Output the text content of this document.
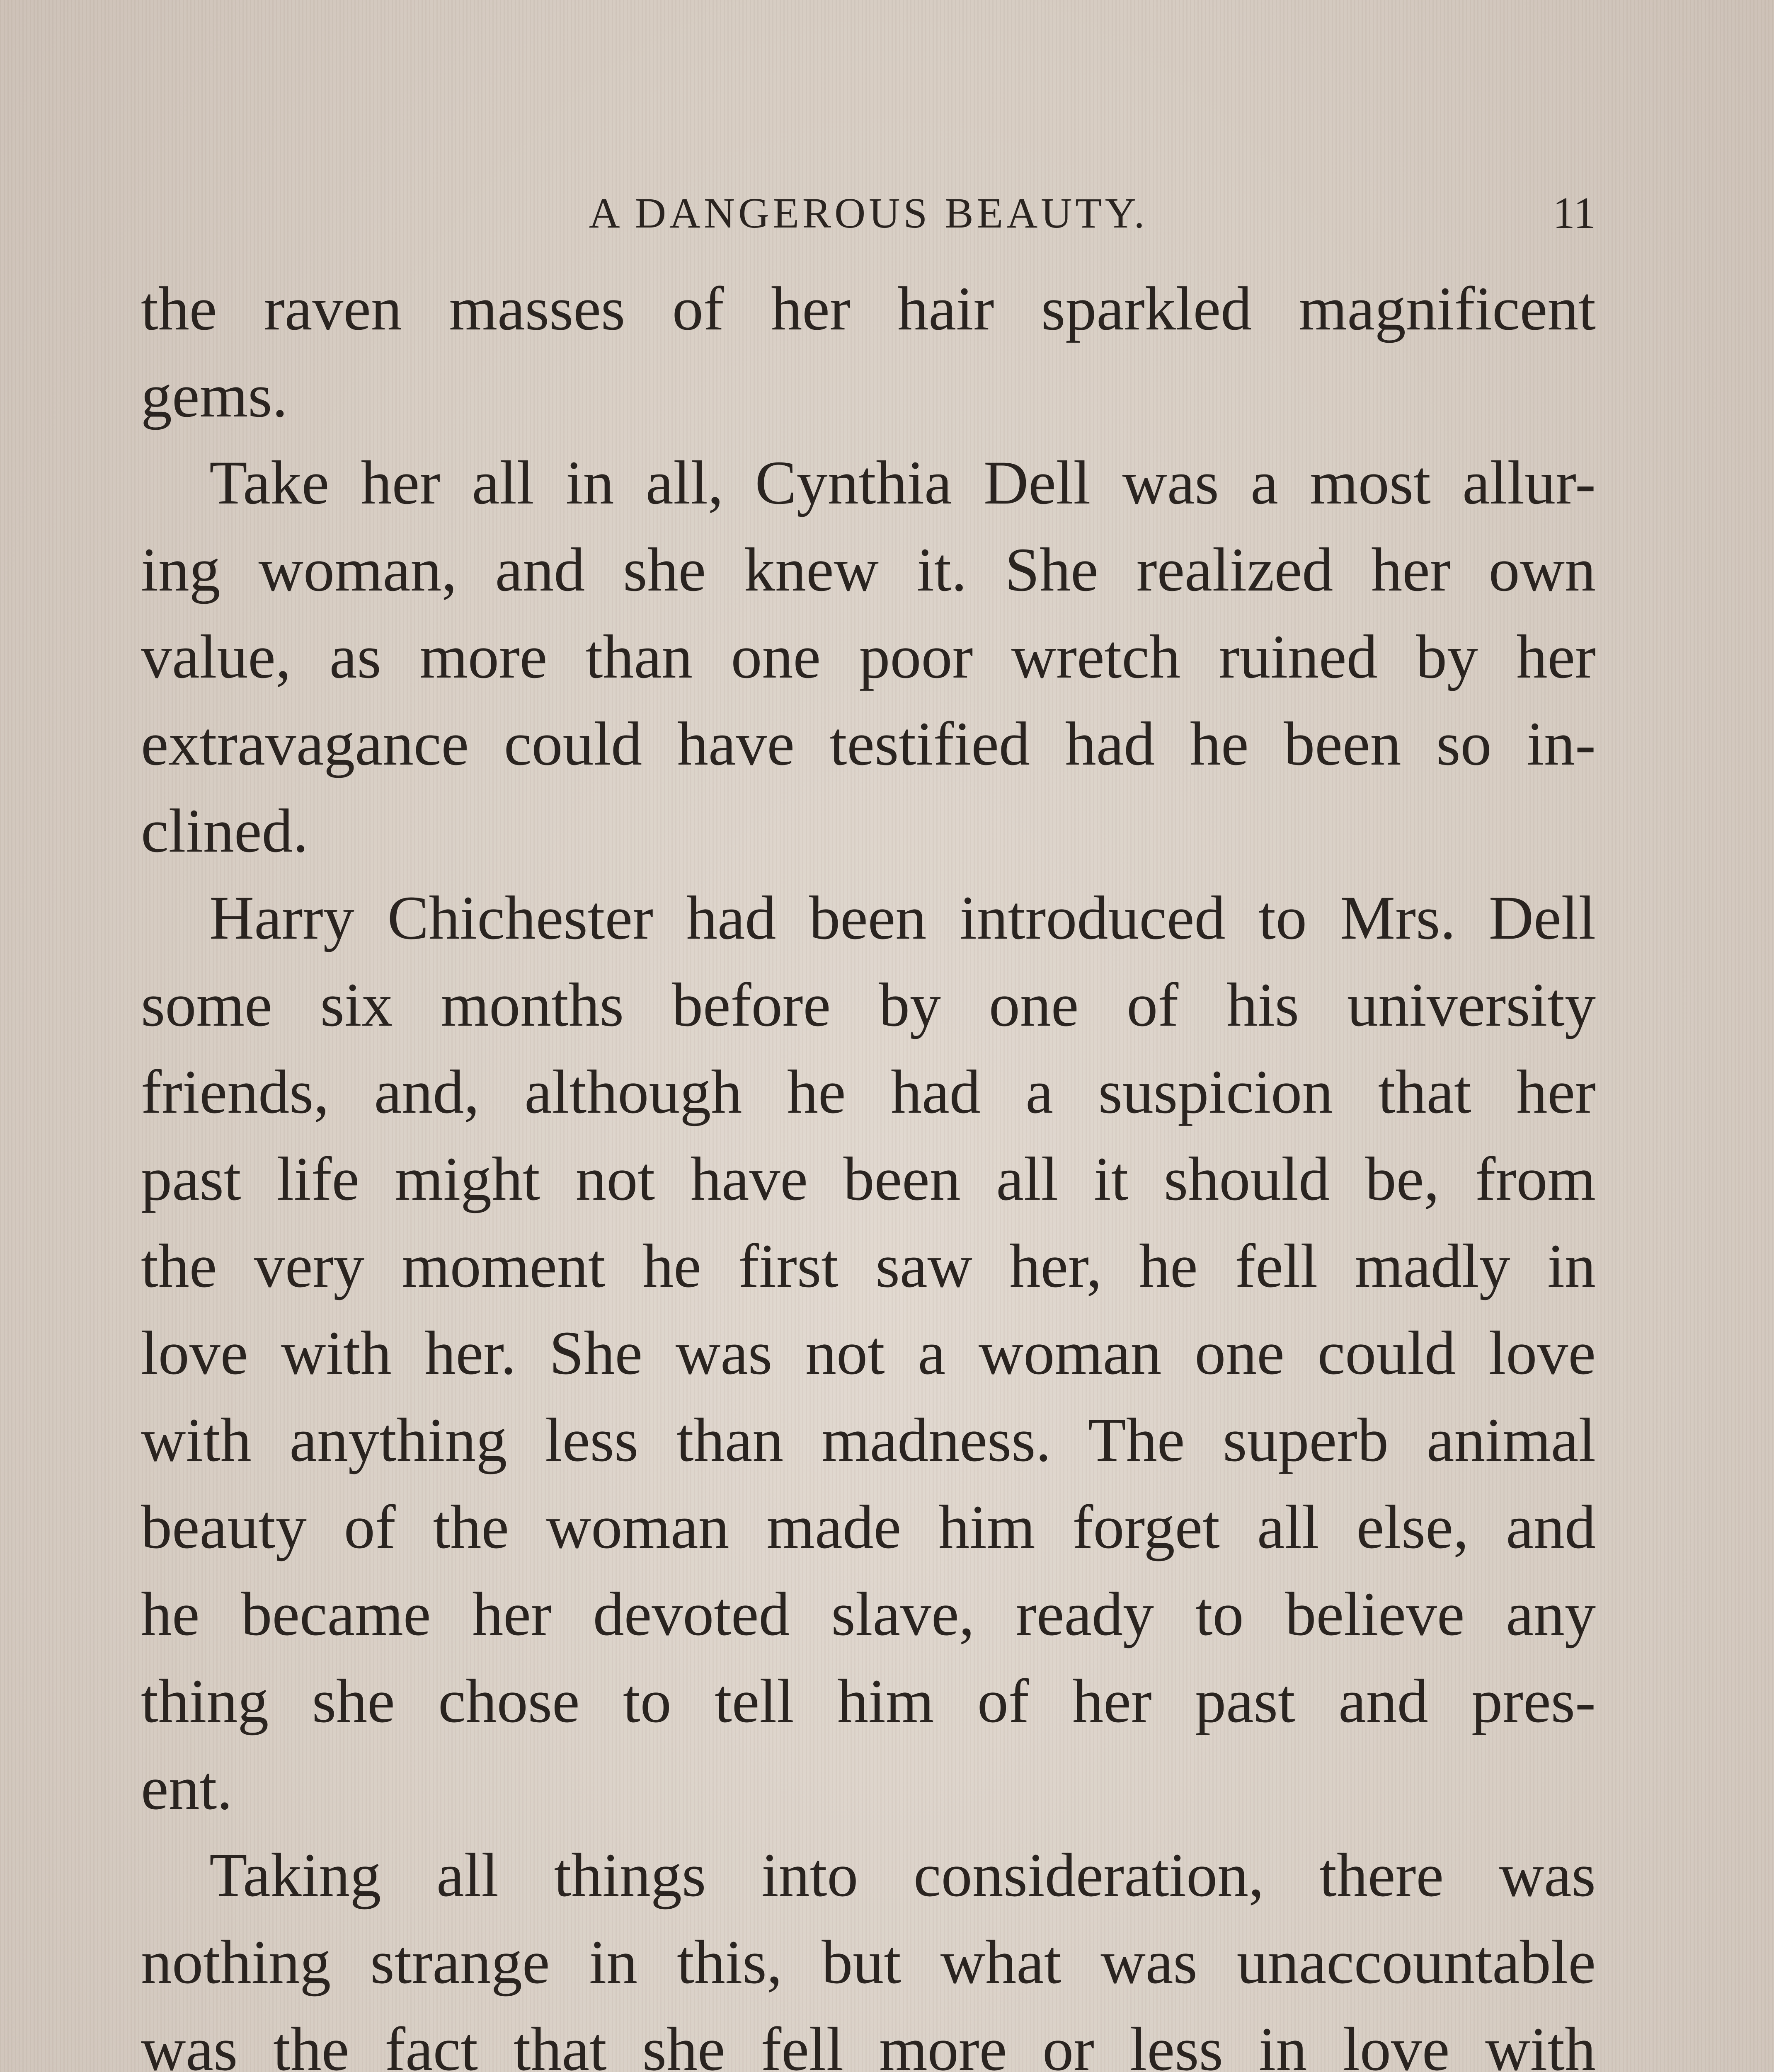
A DANGEROUS BEAUTY.	11
the raven masses of her hair sparkled magnificent
gems.
Take her all in all, Cynthia Dell was a most allur-
ing woman, and she knew it. She realized her own
value, as more than one poor wretch ruined by her
extravagance could have testified had he been so in-
clined.
Harry Chichester had been introduced to Mrs. Dell
some six months before by one of his university
friends, and, although he had a suspicion that her
past life might not have been all it should be, from
the very moment he first saw her, he fell madly in
love with her. She was not a woman one could love
with anything less than madness. The superb animal
beauty of the woman made him forget all else, and
he became her devoted slave, ready to believe any
thing she chose to tell him of her past and pres-
ent.
Taking all things into consideration, there was
nothing strange in this, but what was unaccountable
was the fact that she fell more or less in love with
